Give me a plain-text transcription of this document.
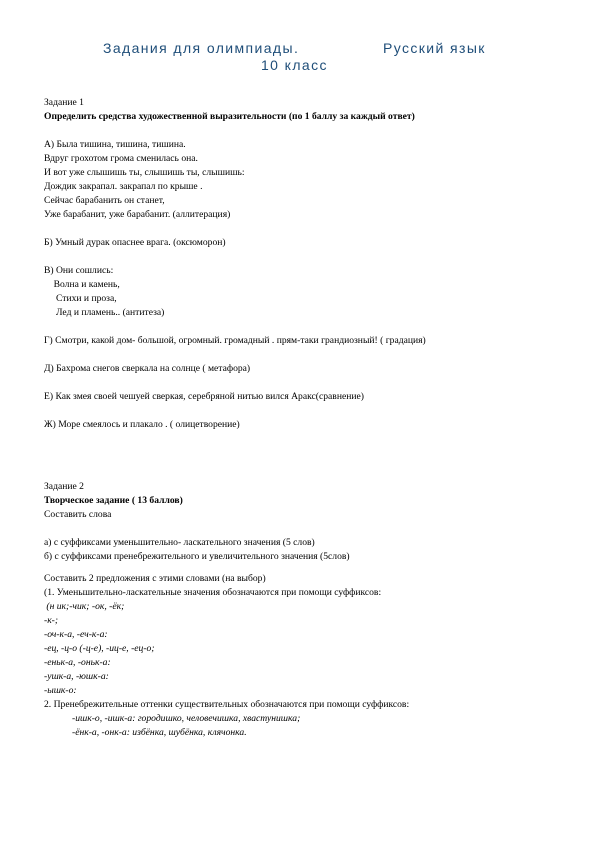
Задания для олимпиады.	Русский язык
10 класс
Задание 1
Определить средства художественной выразительности (по 1 баллу за каждый ответ)
А) Была тишина, тишина, тишина.
Вдруг грохотом грома сменилась она.
И вот уже слышишь ты, слышишь ты, слышишь:
Дождик закрапал. закрапал по крыше .
Сейчас барабанить он станет,
Уже барабанит, уже барабанит. (аллитерация)
Б) Умный дурак опаснее врага. (оксюморон)
В) Они сошлись:
Волна и камень,
Стихи и проза,
Лед и пламень.. (антитеза)
Г) Смотри, какой дом- большой, огромный. громадный . прям-таки грандиозный! ( градация)
Д) Бахрома снегов сверкала на солнце ( метафора)
Е) Как змея своей чешуей сверкая, серебряной нитью вился Аракс(сравнение)
Ж) Море смеялось и плакало . ( олицетворение)
Задание 2
Творческое задание ( 13 баллов)
Составить слова
а) с суффиксами уменьшительно- ласкательного значения (5 слов)
б) с суффиксами пренебрежительного и увеличительного значения (5слов)
Составить 2 предложения с этими словами (на выбор)
(1. Уменьшительно-ласкательные значения обозначаются при помощи суффиксов:
(н ик;-чик; -ок, -ёк;
-к-;
-оч-к-а, -еч-к-а:
-ец, -ц-о (-ц-е), -иц-е, -ец-о;
-еньк-а, -оньк-а:
-ушк-а, -юшк-а:
-ышк-о:
2. Пренебрежительные оттенки существительных обозначаются при помощи суффиксов:
-ишк-о, -ишк-а: городишко, человечишка, хвастунишка;
-ёнк-а, -онк-а: избёнка, шубёнка, клячонка.
